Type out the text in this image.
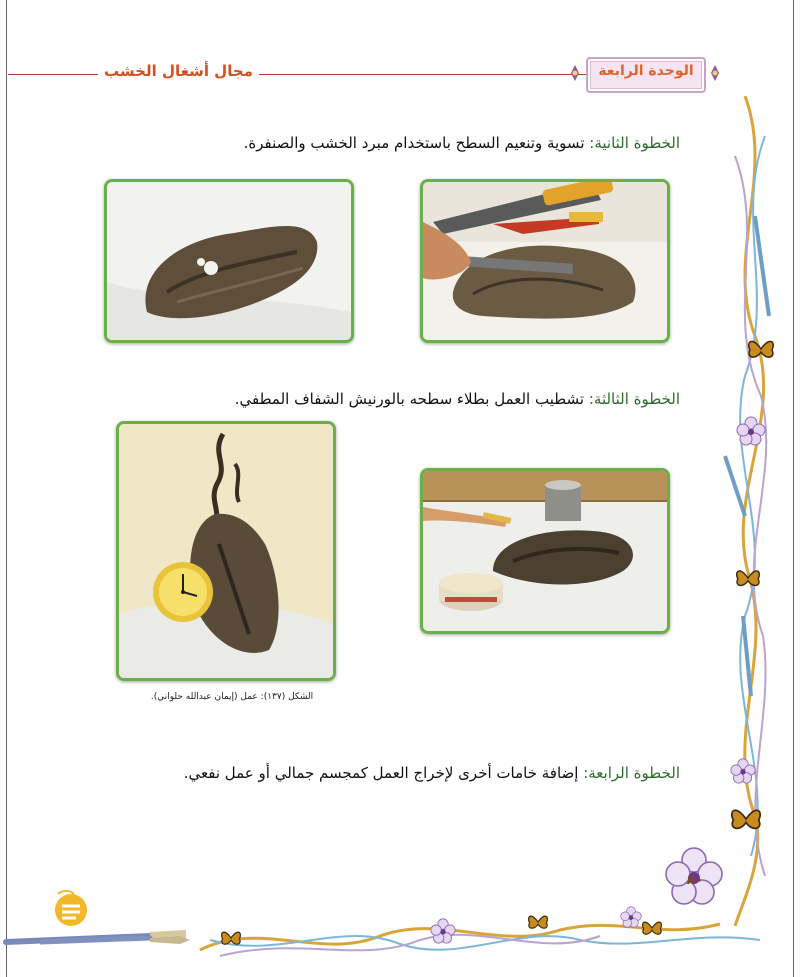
مجال أشغال الخشب	الوحدة الرابعة
الخطوة الثانية: تسوية وتنعيم السطح باستخدام مبرد الخشب والصنفرة.
الخطوة الثالثة: تشطيب العمل بطلاء سطحه بالورنيش الشفاف المطفي.
الشكل (١٣٧): عمل (إيمان عبدالله حلواني).
الخطوة الرابعة: إضافة خامات أخرى لإخراج العمل كمجسم جمالي أو عمل نفعي.
٨٠
